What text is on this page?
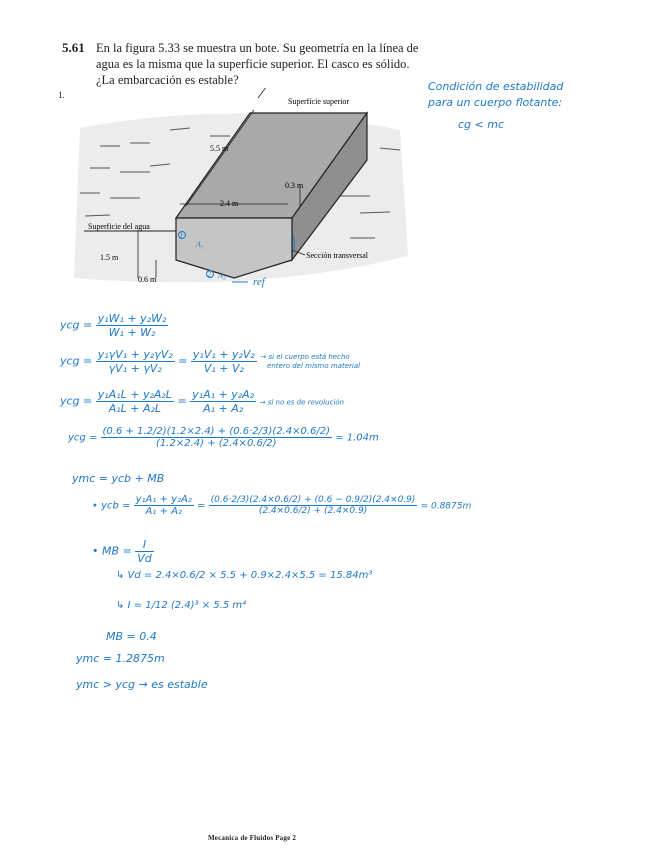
5.61 En la figura 5.33 se muestra un bote. Su geometría en la línea de agua es la misma que la superficie superior. El casco es sólido. ¿La embarcación es estable?
1.
5.5 m
0.3 m
2.4 m
Superficie superior
Superficie del agua
1.5 m
0.6 m
Sección transversal
1
2
A₁
A₂
ref
Condición de estabilidad
para un cuerpo flotante:
cg < mc
ycg = $\frac{\text{y₁W₁ + y₂W₂}}{\text{W₁ + W₂}}$
ycg = $\frac{\text{y₁γV₁ + y₂γV₂}}{\text{γV₁ + γV₂}} = \frac{\text{y₁V₁ + y₂V₂}}{\text{V₁ + V₂}}$ → si el cuerpo está hecho
entero del mismo material
ycg = $\frac{\text{y₁A₁L + y₂A₂L}}{\text{A₁L + A₂L}} = \frac{\text{y₁A₁ + y₂A₂}}{\text{A₁ + A₂}}$ → si no es de revolución
ycg = $\frac{(0.6 + 1.2/2)(1.2\times 2.4) + (0.6\cdot 2/3)(2.4\times 0.6/2)}{(1.2\times 2.4) + (2.4\times 0.6/2)} = 1.04m$
ymc = ycb + MB
• ycb = $\frac{\text{y₁A₁ + y₂A₂}}{\text{A₁ + A₂}} = \frac{(0.6\cdot 2/3)(2.4\times 0.6/2) + (0.6 - 0.9/2)(2.4\times 0.9)}{(2.4\times 0.6/2) + (2.4\times 0.9)} = 0.8875m$
• MB = $\frac{I}{Vd}$
↳ Vd = 2.4×0.6/2 × 5.5 + 0.9×2.4×5.5 = 15.84m³
↳ I = 1/12 (2.4)³ × 5.5 m⁴
MB = 0.4
ymc = 1.2875m
ymc > ycg → es estable
Mecanica de Fluidos Page 2
